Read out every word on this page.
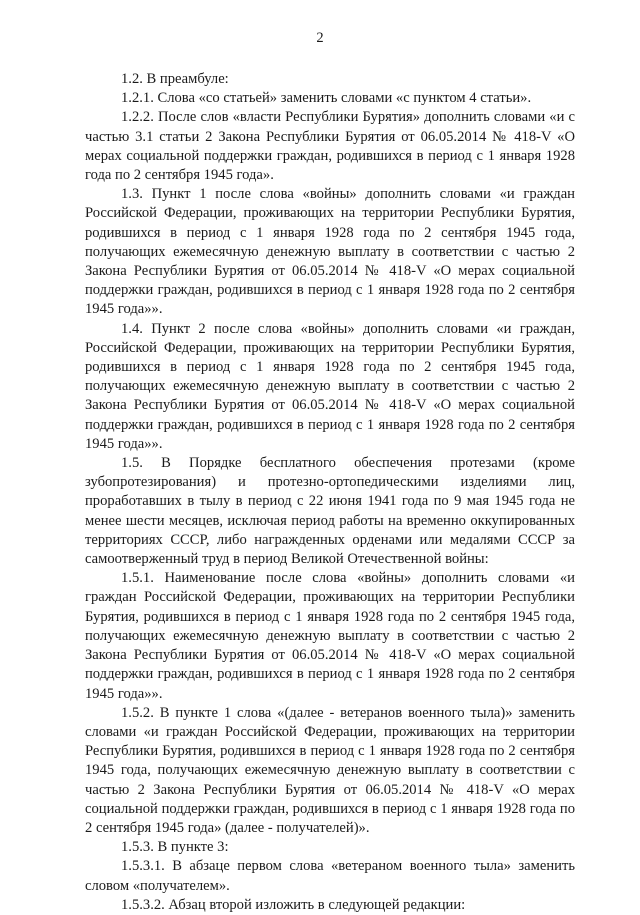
2

1.2. В преамбуле:

1.2.1. Слова «со статьей» заменить словами «с пунктом 4 статьи».

1.2.2. После слов «власти Республики Бурятия» дополнить словами «и с частью 3.1 статьи 2 Закона Республики Бурятия от 06.05.2014 № 418-V «О мерах социальной поддержки граждан, родившихся в период с 1 января 1928 года по 2 сентября 1945 года».

1.3. Пункт 1 после слова «войны» дополнить словами «и граждан Российской Федерации, проживающих на территории Республики Бурятия, родившихся в период с 1 января 1928 года по 2 сентября 1945 года, получающих ежемесячную денежную выплату в соответствии с частью 2 Закона Республики Бурятия от 06.05.2014 № 418-V «О мерах социальной поддержки граждан, родившихся в период с 1 января 1928 года по 2 сентября 1945 года»».

1.4. Пункт 2 после слова «войны» дополнить словами «и граждан, Российской Федерации, проживающих на территории Республики Бурятия, родившихся в период с 1 января 1928 года по 2 сентября 1945 года, получающих ежемесячную денежную выплату в соответствии с частью 2 Закона Республики Бурятия от 06.05.2014 № 418-V «О мерах социальной поддержки граждан, родившихся в период с 1 января 1928 года по 2 сентября 1945 года»».

1.5. В Порядке бесплатного обеспечения протезами (кроме зубопротезирования) и протезно-ортопедическими изделиями лиц, проработавших в тылу в период с 22 июня 1941 года по 9 мая 1945 года не менее шести месяцев, исключая период работы на временно оккупированных территориях СССР, либо награжденных орденами или медалями СССР за самоотверженный труд в период Великой Отечественной войны:

1.5.1. Наименование после слова «войны» дополнить словами «и граждан Российской Федерации, проживающих на территории Республики Бурятия, родившихся в период с 1 января 1928 года по 2 сентября 1945 года, получающих ежемесячную денежную выплату в соответствии с частью 2 Закона Республики Бурятия от 06.05.2014 № 418-V «О мерах социальной поддержки граждан, родившихся в период с 1 января 1928 года по 2 сентября 1945 года»».

1.5.2. В пункте 1 слова «(далее - ветеранов военного тыла)» заменить словами «и граждан Российской Федерации, проживающих на территории Республики Бурятия, родившихся в период с 1 января 1928 года по 2 сентября 1945 года, получающих ежемесячную денежную выплату в соответствии с частью 2 Закона Республики Бурятия от 06.05.2014 № 418-V «О мерах социальной поддержки граждан, родившихся в период с 1 января 1928 года по 2 сентября 1945 года» (далее - получателей)».

1.5.3. В пункте 3:

1.5.3.1. В абзаце первом слова «ветераном военного тыла» заменить словом «получателем».

1.5.3.2. Абзац второй изложить в следующей редакции:
